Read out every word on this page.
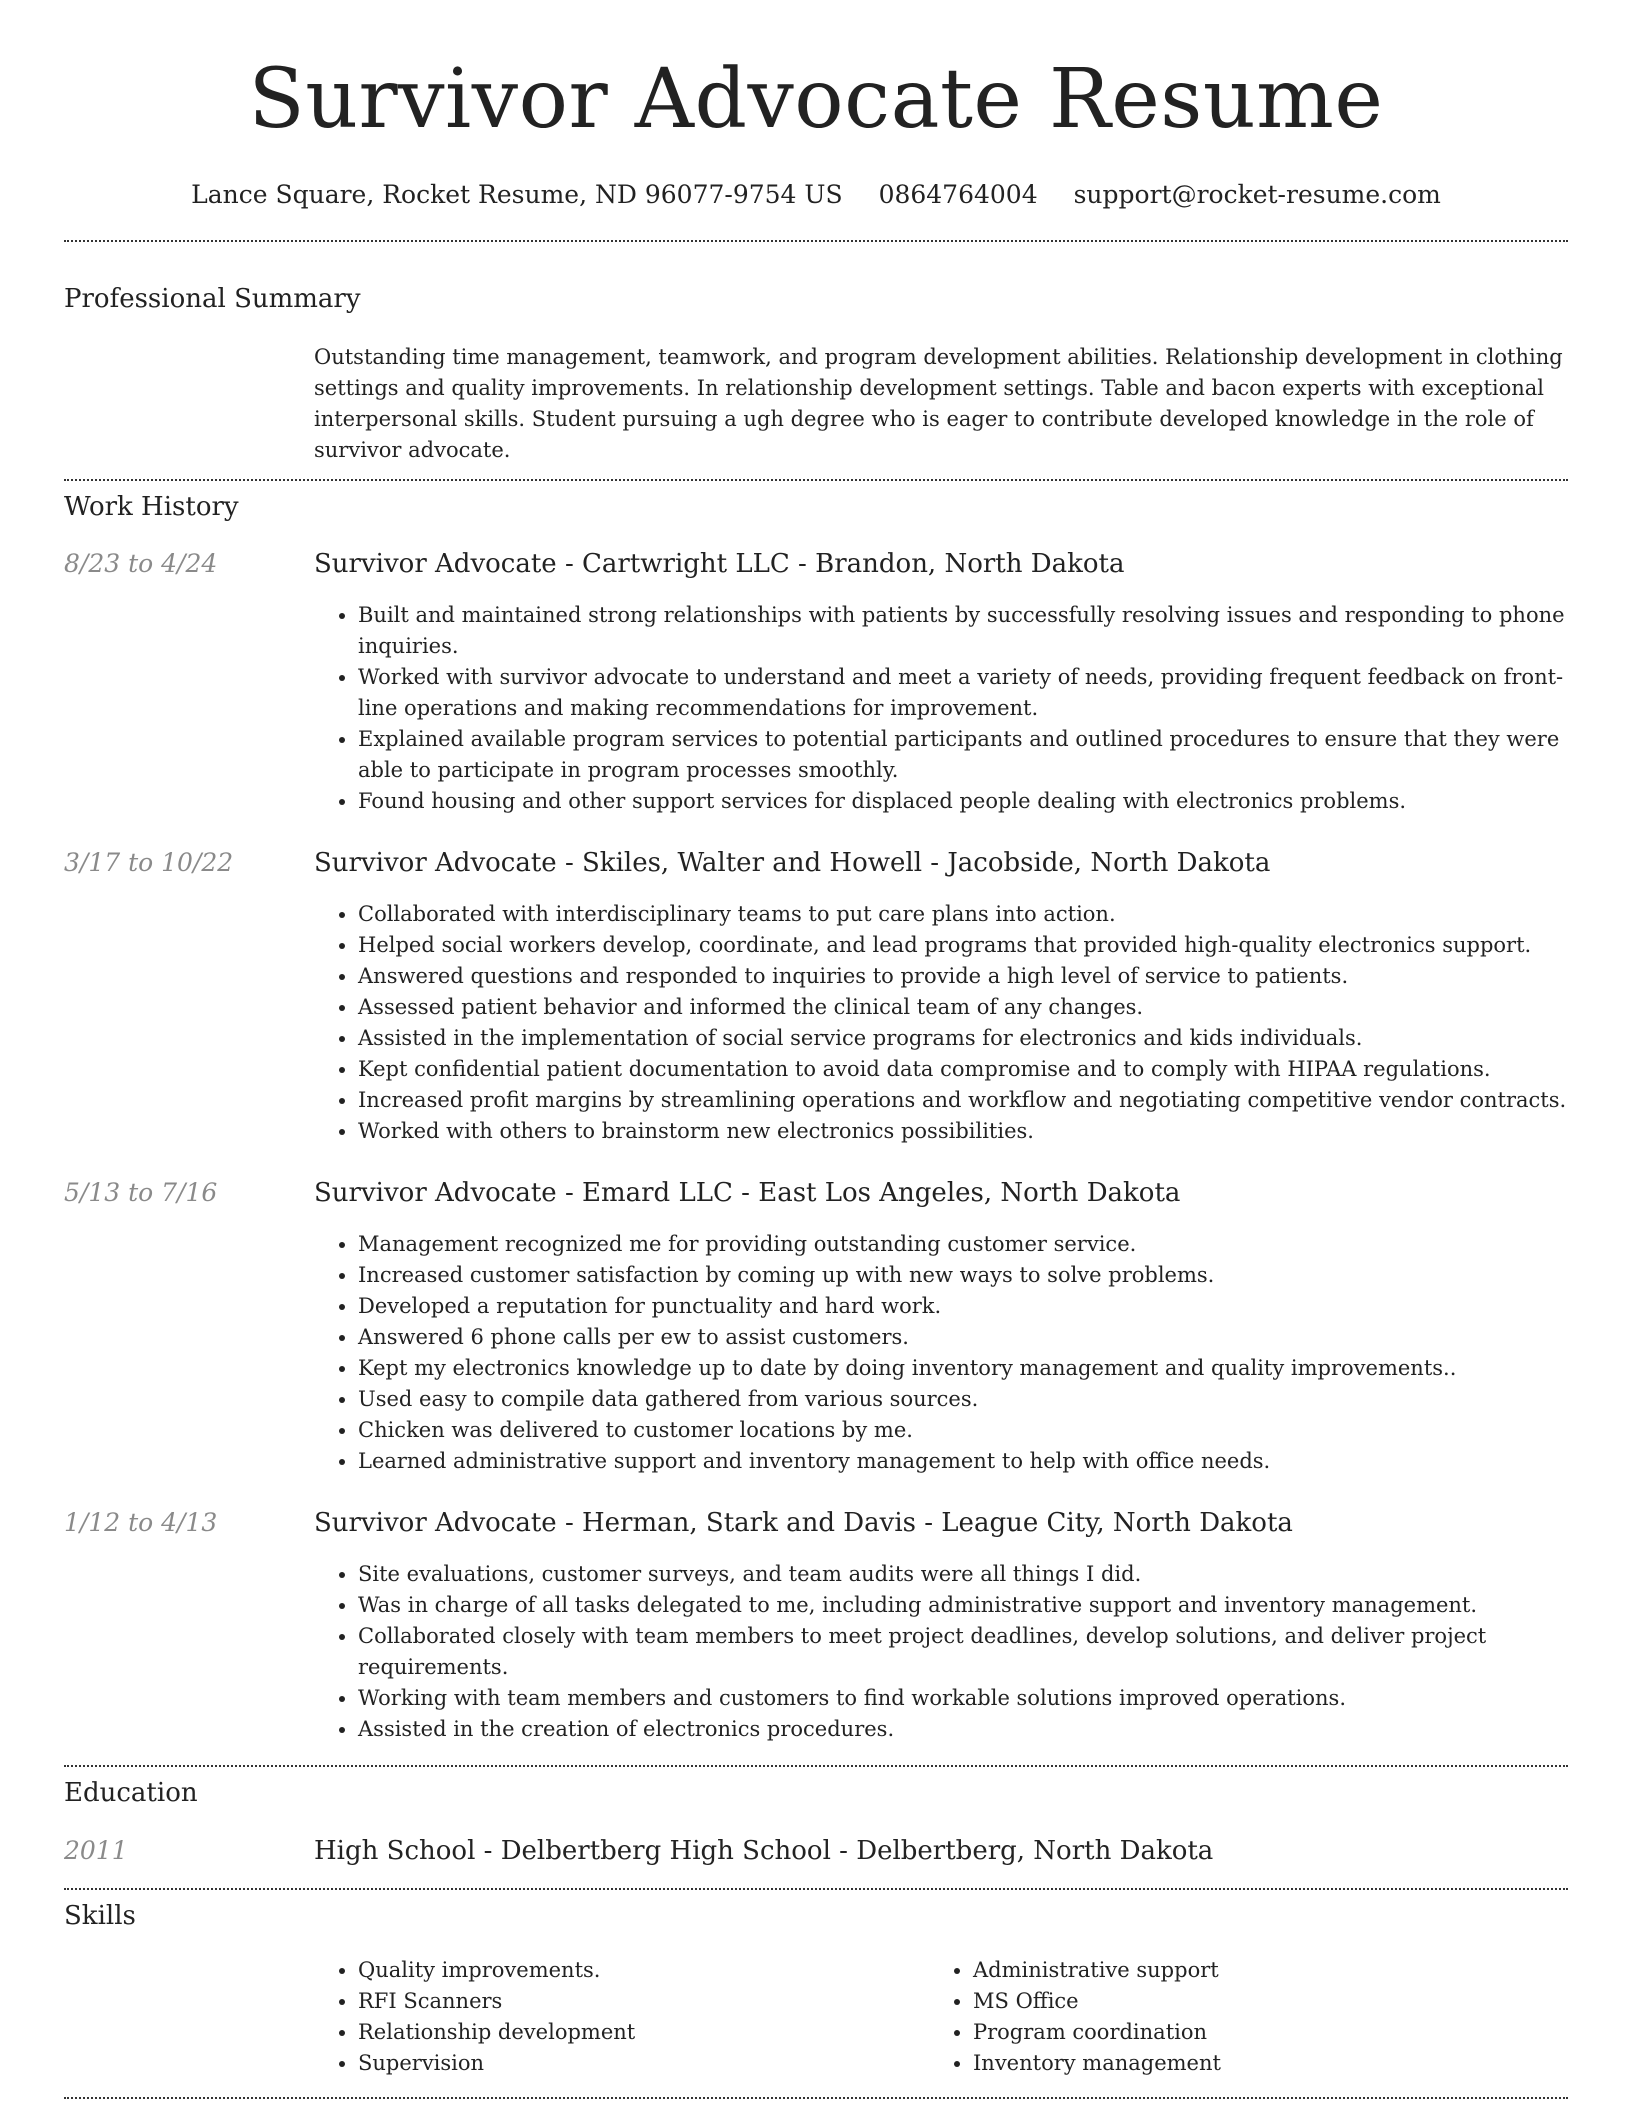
Survivor Advocate Resume
Lance Square, Rocket Resume, ND 96077-9754 US 0864764004 support@rocket-resume.com
Professional Summary
Outstanding time management, teamwork, and program development abilities. Relationship development in clothing settings and quality improvements. In relationship development settings. Table and bacon experts with exceptional interpersonal skills. Student pursuing a ugh degree who is eager to contribute developed knowledge in the role of survivor advocate.
Work History
8/23 to 4/24	Survivor Advocate - Cartwright LLC - Brandon, North Dakota
• Built and maintained strong relationships with patients by successfully resolving issues and responding to phone inquiries.
• Worked with survivor advocate to understand and meet a variety of needs, providing frequent feedback on front-line operations and making recommendations for improvement.
• Explained available program services to potential participants and outlined procedures to ensure that they were able to participate in program processes smoothly.
• Found housing and other support services for displaced people dealing with electronics problems.
3/17 to 10/22	Survivor Advocate - Skiles, Walter and Howell - Jacobside, North Dakota
• Collaborated with interdisciplinary teams to put care plans into action.
• Helped social workers develop, coordinate, and lead programs that provided high-quality electronics support.
• Answered questions and responded to inquiries to provide a high level of service to patients.
• Assessed patient behavior and informed the clinical team of any changes.
• Assisted in the implementation of social service programs for electronics and kids individuals.
• Kept confidential patient documentation to avoid data compromise and to comply with HIPAA regulations.
• Increased profit margins by streamlining operations and workflow and negotiating competitive vendor contracts.
• Worked with others to brainstorm new electronics possibilities.
5/13 to 7/16	Survivor Advocate - Emard LLC - East Los Angeles, North Dakota
• Management recognized me for providing outstanding customer service.
• Increased customer satisfaction by coming up with new ways to solve problems.
• Developed a reputation for punctuality and hard work.
• Answered 6 phone calls per ew to assist customers.
• Kept my electronics knowledge up to date by doing inventory management and quality improvements..
• Used easy to compile data gathered from various sources.
• Chicken was delivered to customer locations by me.
• Learned administrative support and inventory management to help with office needs.
1/12 to 4/13	Survivor Advocate - Herman, Stark and Davis - League City, North Dakota
• Site evaluations, customer surveys, and team audits were all things I did.
• Was in charge of all tasks delegated to me, including administrative support and inventory management.
• Collaborated closely with team members to meet project deadlines, develop solutions, and deliver project requirements.
• Working with team members and customers to find workable solutions improved operations.
• Assisted in the creation of electronics procedures.
Education
2011	High School - Delbertberg High School - Delbertberg, North Dakota
Skills
• Quality improvements.
• RFI Scanners
• Relationship development
• Supervision
• Administrative support
• MS Office
• Program coordination
• Inventory management
